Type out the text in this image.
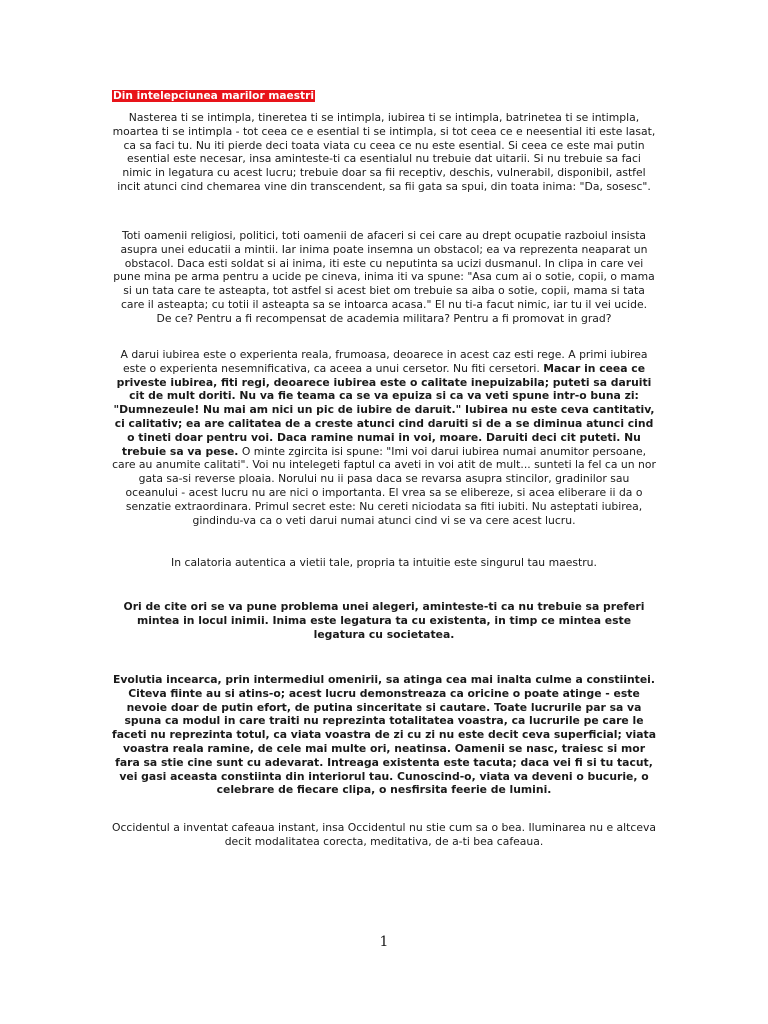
Din intelepciunea marilor maestri

Nasterea ti se intimpla, tineretea ti se intimpla, iubirea ti se intimpla, batrinetea ti se intimpla, moartea ti se intimpla - tot ceea ce e esential ti se intimpla, si tot ceea ce e neesential iti este lasat, ca sa faci tu. Nu iti pierde deci toata viata cu ceea ce nu este esential. Si ceea ce este mai putin esential este necesar, insa aminteste-ti ca esentialul nu trebuie dat uitarii. Si nu trebuie sa faci nimic in legatura cu acest lucru; trebuie doar sa fii receptiv, deschis, vulnerabil, disponibil, astfel incit atunci cind chemarea vine din transcendent, sa fii gata sa spui, din toata inima: "Da, sosesc".

Toti oamenii religiosi, politici, toti oamenii de afaceri si cei care au drept ocupatie razboiul insista asupra unei educatii a mintii. Iar inima poate insemna un obstacol; ea va reprezenta neaparat un obstacol. Daca esti soldat si ai inima, iti este cu neputinta sa ucizi dusmanul. In clipa in care vei pune mina pe arma pentru a ucide pe cineva, inima iti va spune: "Asa cum ai o sotie, copii, o mama si un tata care te asteapta, tot astfel si acest biet om trebuie sa aiba o sotie, copii, mama si tata care il asteapta; cu totii il asteapta sa se intoarca acasa." El nu ti-a facut nimic, iar tu il vei ucide. De ce? Pentru a fi recompensat de academia militara? Pentru a fi promovat in grad?

A darui iubirea este o experienta reala, frumoasa, deoarece in acest caz esti rege. A primi iubirea este o experienta nesemnificativa, ca aceea a unui cersetor. Nu fiti cersetori. Macar in ceea ce priveste iubirea, fiti regi, deoarece iubirea este o calitate inepuizabila; puteti sa daruiti cit de mult doriti. Nu va fie teama ca se va epuiza si ca va veti spune intr-o buna zi: "Dumnezeule! Nu mai am nici un pic de iubire de daruit." Iubirea nu este ceva cantitativ, ci calitativ; ea are calitatea de a creste atunci cind daruiti si de a se diminua atunci cind o tineti doar pentru voi. Daca ramine numai in voi, moare. Daruiti deci cit puteti. Nu trebuie sa va pese. O minte zgircita isi spune: "Imi voi darui iubirea numai anumitor persoane, care au anumite calitati". Voi nu intelegeti faptul ca aveti in voi atit de mult... sunteti la fel ca un nor gata sa-si reverse ploaia. Norului nu ii pasa daca se revarsa asupra stincilor, gradinilor sau oceanului - acest lucru nu are nici o importanta. El vrea sa se elibereze, si acea eliberare ii da o senzatie extraordinara. Primul secret este: Nu cereti niciodata sa fiti iubiti. Nu asteptati iubirea, gindindu-va ca o veti darui numai atunci cind vi se va cere acest lucru.

In calatoria autentica a vietii tale, propria ta intuitie este singurul tau maestru.

Ori de cite ori se va pune problema unei alegeri, aminteste-ti ca nu trebuie sa preferi mintea in locul inimii. Inima este legatura ta cu existenta, in timp ce mintea este legatura cu societatea.

Evolutia incearca, prin intermediul omenirii, sa atinga cea mai inalta culme a constiintei. Citeva fiinte au si atins-o; acest lucru demonstreaza ca oricine o poate atinge - este nevoie doar de putin efort, de putina sinceritate si cautare. Toate lucrurile par sa va spuna ca modul in care traiti nu reprezinta totalitatea voastra, ca lucrurile pe care le faceti nu reprezinta totul, ca viata voastra de zi cu zi nu este decit ceva superficial; viata voastra reala ramine, de cele mai multe ori, neatinsa. Oamenii se nasc, traiesc si mor fara sa stie cine sunt cu adevarat. Intreaga existenta este tacuta; daca vei fi si tu tacut, vei gasi aceasta constiinta din interiorul tau. Cunoscind-o, viata va deveni o bucurie, o celebrare de fiecare clipa, o nesfirsita feerie de lumini.

Occidentul a inventat cafeaua instant, insa Occidentul nu stie cum sa o bea. Iluminarea nu e altceva decit modalitatea corecta, meditativa, de a-ti bea cafeaua.

1
